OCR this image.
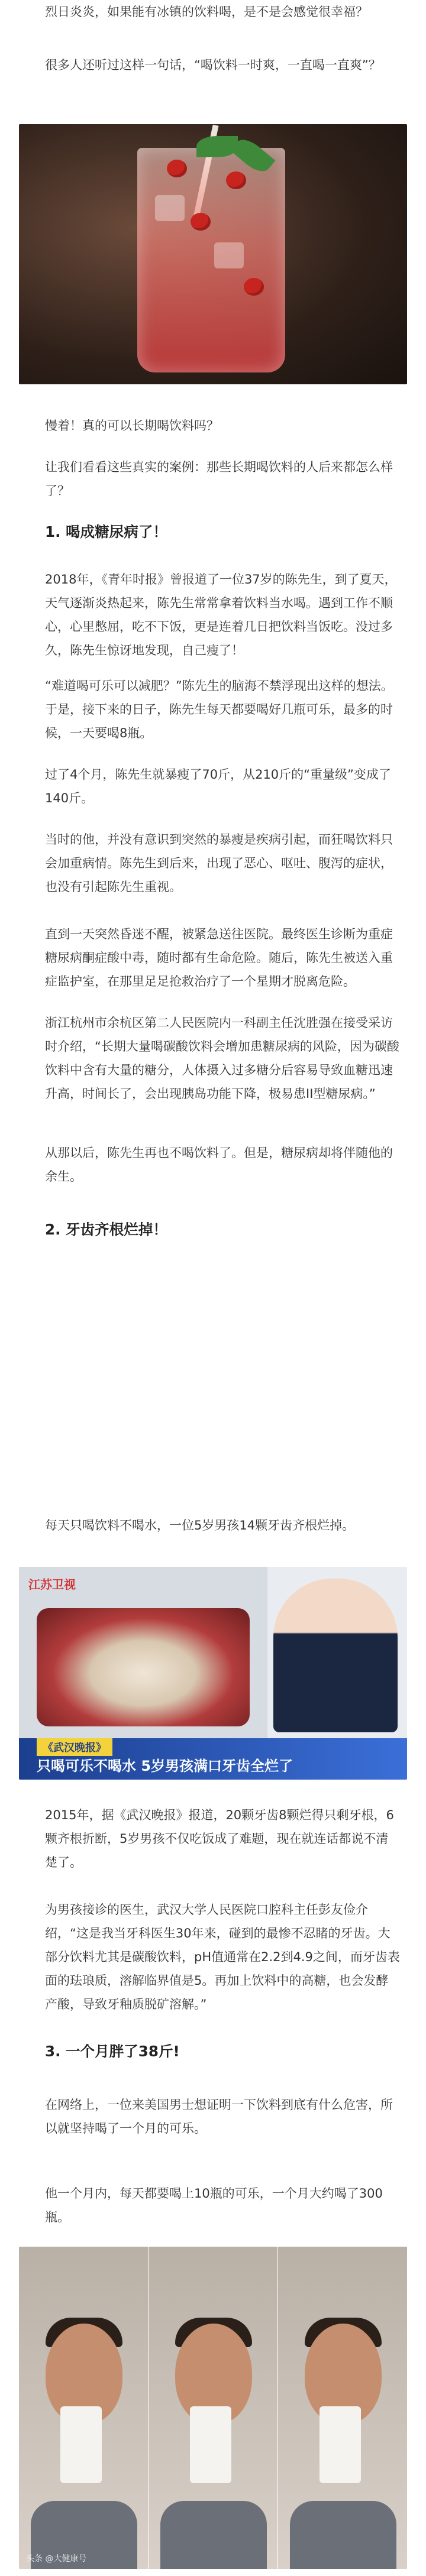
烈日炎炎，如果能有冰镇的饮料喝，是不是会感觉很幸福？

很多人还听过这样一句话，“喝饮料一时爽，一直喝一直爽”？

慢着！真的可以长期喝饮料吗？

让我们看看这些真实的案例：那些长期喝饮料的人后来都怎么样了？

1. 喝成糖尿病了！

2018年，《青年时报》曾报道了一位37岁的陈先生，到了夏天，天气逐渐炎热起来，陈先生常常拿着饮料当水喝。遇到工作不顺心，心里憋屈，吃不下饭，更是连着几日把饮料当饭吃。没过多久，陈先生惊讶地发现，自己瘦了！

“难道喝可乐可以减肥？”陈先生的脑海不禁浮现出这样的想法。于是，接下来的日子，陈先生每天都要喝好几瓶可乐，最多的时候，一天要喝8瓶。

过了4个月，陈先生就暴瘦了70斤，从210斤的“重量级”变成了140斤。

当时的他，并没有意识到突然的暴瘦是疾病引起，而狂喝饮料只会加重病情。陈先生到后来，出现了恶心、呕吐、腹泻的症状，也没有引起陈先生重视。

直到一天突然昏迷不醒，被紧急送往医院。最终医生诊断为重症糖尿病酮症酸中毒，随时都有生命危险。随后，陈先生被送入重症监护室，在那里足足抢救治疗了一个星期才脱离危险。

浙江杭州市余杭区第二人民医院内一科副主任沈胜强在接受采访时介绍，“长期大量喝碳酸饮料会增加患糖尿病的风险，因为碳酸饮料中含有大量的糖分，人体摄入过多糖分后容易导致血糖迅速升高，时间长了，会出现胰岛功能下降，极易患II型糖尿病。”

从那以后，陈先生再也不喝饮料了。但是，糖尿病却将伴随他的余生。

2. 牙齿齐根烂掉！

每天只喝饮料不喝水，一位5岁男孩14颗牙齿齐根烂掉。

江苏卫视
《武汉晚报》
只喝可乐不喝水 5岁男孩满口牙齿全烂了

2015年，据《武汉晚报》报道，20颗牙齿8颗烂得只剩牙根，6颗齐根折断，5岁男孩不仅吃饭成了难题，现在就连话都说不清楚了。

为男孩接诊的医生，武汉大学人民医院口腔科主任彭友俭介绍，“这是我当牙科医生30年来，碰到的最惨不忍睹的牙齿。大部分饮料尤其是碳酸饮料，pH值通常在2.2到4.9之间，而牙齿表面的珐琅质，溶解临界值是5。再加上饮料中的高糖，也会发酵产酸，导致牙釉质脱矿溶解。”

3. 一个月胖了38斤!

在网络上，一位来美国男士想证明一下饮料到底有什么危害，所以就坚持喝了一个月的可乐。

他一个月内，每天都要喝上10瓶的可乐，一个月大约喝了300瓶。

头条 @大健康号
